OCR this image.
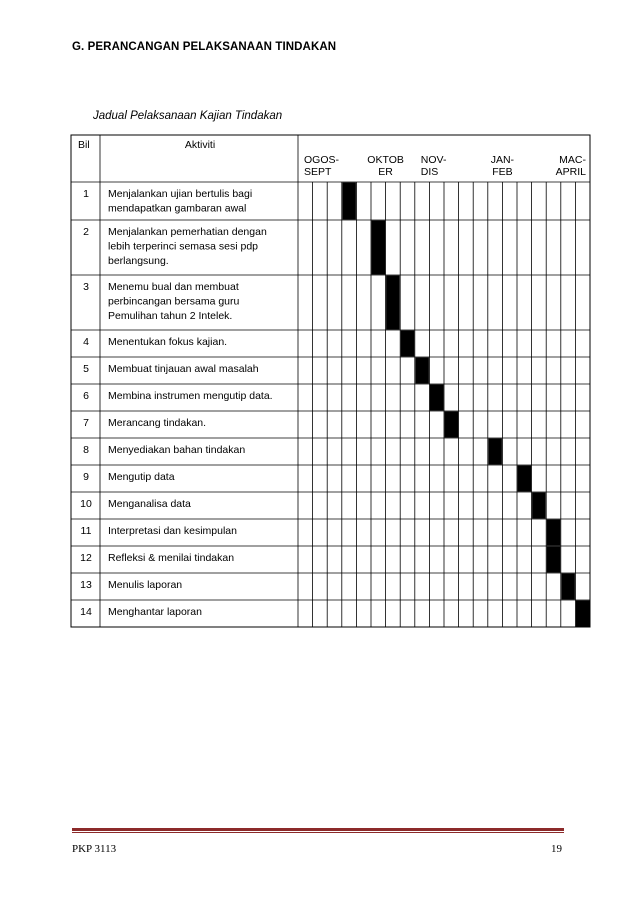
G. PERANCANGAN PELAKSANAAN TINDAKAN
Jadual Pelaksanaan Kajian Tindakan
Bil	Aktiviti
OGOS-
SEPT
OKTOB
ER
NOV-
DIS
JAN-
FEB
MAC-
APRIL
1 Menjalankan ujian bertulis bagi
mendapatkan gambaran awal
2 Menjalankan pemerhatian dengan
lebih terperinci semasa sesi pdp
berlangsung.
3 Menemu bual dan membuat
perbincangan bersama guru
Pemulihan tahun 2 Intelek.
4 Menentukan fokus kajian.
5 Membuat tinjauan awal masalah
6 Membina instrumen mengutip data.
7 Merancang tindakan.
8 Menyediakan bahan tindakan
9 Mengutip data
10 Menganalisa data
11 Interpretasi dan kesimpulan
12 Refleksi & menilai tindakan
13 Menulis laporan
14 Menghantar laporan
PKP 3113	19
